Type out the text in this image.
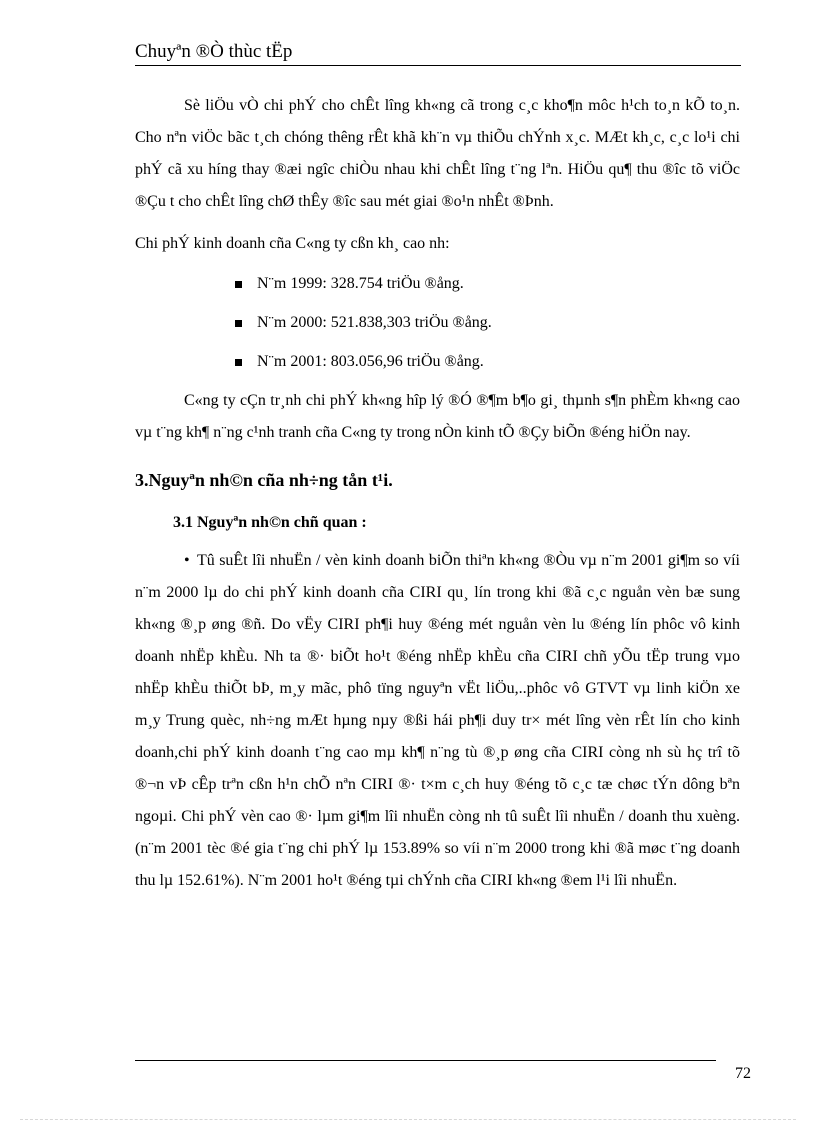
Chuyªn ®Ò thùc tËp

Sè liÖu vÒ chi phÝ cho chÊt lîng kh«ng cã trong c¸c kho¶n môc h¹ch to¸n kÕ to¸n. Cho nªn viÖc bãc t¸ch chóng thêng rÊt khã kh¨n vµ thiÕu chÝnh x¸c. MÆt kh¸c, c¸c lo¹i chi phÝ cã xu híng thay ®æi ngîc chiÒu nhau khi chÊt lîng t¨ng lªn. HiÖu qu¶ thu ®îc tõ viÖc ®Çu t cho chÊt lîng chØ thÊy ®îc sau mét giai ®o¹n nhÊt ®Þnh.

Chi phÝ kinh doanh cña C«ng ty cßn kh¸ cao nh:

N¨m 1999: 328.754 triÖu ®ång.
N¨m 2000: 521.838,303 triÖu ®ång.
N¨m 2001: 803.056,96 triÖu ®ång.

C«ng ty cÇn tr¸nh chi phÝ kh«ng hîp lý ®Ó ®¶m b¶o gi¸ thµnh s¶n phÈm kh«ng cao vµ t¨ng kh¶ n¨ng c¹nh tranh cña C«ng ty trong nÒn kinh tÕ ®Çy biÕn ®éng hiÖn nay.

3.Nguyªn nh©n cña nh÷ng tån t¹i.
3.1 Nguyªn nh©n chñ quan :

• Tû suÊt lîi nhuËn / vèn kinh doanh biÕn thiªn kh«ng ®Òu vµ n¨m 2001 gi¶m so víi n¨m 2000 lµ do chi phÝ kinh doanh cña CIRI qu¸ lín trong khi ®ã c¸c nguån vèn bæ sung kh«ng ®¸p øng ®ñ. Do vËy CIRI ph¶i huy ®éng mét nguån vèn lu ®éng lín phôc vô kinh doanh nhËp khÈu. Nh ta ®· biÕt ho¹t ®éng nhËp khÈu cña CIRI chñ yÕu tËp trung vµo nhËp khÈu thiÕt bÞ, m¸y mãc, phô tïng nguyªn vËt liÖu,..phôc vô GTVT vµ linh kiÖn xe m¸y Trung quèc, nh÷ng mÆt hµng nµy ®ßi hái ph¶i duy tr× mét lîng vèn rÊt lín cho kinh doanh,chi phÝ kinh doanh t¨ng cao mµ kh¶ n¨ng tù ®¸p øng cña CIRI còng nh sù hç trî tõ ®¬n vÞ cÊp trªn cßn h¹n chÕ nªn CIRI ®· t×m c¸ch huy ®éng tõ c¸c tæ chøc tÝn dông bªn ngoµi. Chi phÝ vèn cao ®· lµm gi¶m lîi nhuËn còng nh tû suÊt lîi nhuËn / doanh thu xuèng. (n¨m 2001 tèc ®é gia t¨ng chi phÝ lµ 153.89% so víi n¨m 2000 trong khi ®ã møc t¨ng doanh thu lµ 152.61%). N¨m 2001 ho¹t ®éng tµi chÝnh cña CIRI kh«ng ®em l¹i lîi nhuËn.

72
